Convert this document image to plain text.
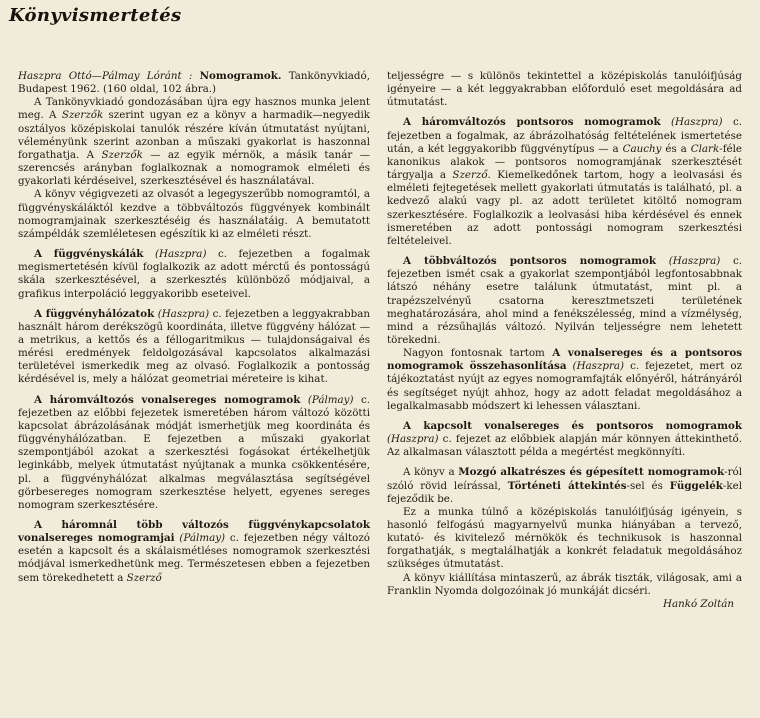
Könyvismertetés

Haszpra Ottó—Pálmay Lóránt : Nomogramok. Tankönyvkiadó, Budapest 1962. (160 oldal, 102 ábra.)

A Tankönyvkiadó gondozásában újra egy hasznos munka jelent meg. A Szerzők szerint ugyan ez a könyv a harmadik—negyedik osztályos középiskolai tanulók részére kíván útmutatást nyújtani, véleményünk szerint azonban a műszaki gyakorlat is haszonnal forgathatja. A Szerzők — az egyik mérnök, a másik tanár — szerencsés arányban foglalkoznak a nomogramok elméleti és gyakorlati kérdéseivel, szerkesztésével és használatával.

A könyv végigvezeti az olvasót a legegyszerűbb nomogramtól, a függvényskáláktól kezdve a többváltozós függvények kombinált nomogramjainak szerkesztéséig és használatáig. A bemutatott számpéldák szemléletesen egészítik ki az elméleti részt.

A függvényskálák (Haszpra) c. fejezetben a fogalmak megismertetésén kívül foglalkozik az adott mérctű és pontosságú skála szerkesztésével, a szerkesztés különböző módjaival, a grafikus interpoláció leggyakoribb eseteivel.

A függvényhálózatok (Haszpra) c. fejezetben a leggyakrabban használt három derékszögű koordináta, illetve függvény hálózat — a metrikus, a kettős és a féllogaritmikus — tulajdonságaival és mérési eredmények feldolgozásával kapcsolatos alkalmazási területével ismerkedik meg az olvasó. Foglalkozik a pontosság kérdésével is, mely a hálózat geometriai méreteire is kihat.

A háromváltozós vonalsereges nomogramok (Pálmay) c. fejezetben az előbbi fejezetek ismeretében három változó közötti kapcsolat ábrázolásának módját ismerhetjük meg koordináta és függvényhálózatban. E fejezetben a műszaki gyakorlat szempontjából azokat a szerkesztési fogásokat értékelhetjük leginkább, melyek útmutatást nyújtanak a munka csökkentésére, pl. a függvényhálózat alkalmas megválasztása segítségével görbesereges nomogram szerkesztése helyett, egyenes sereges nomogram szerkesztésére.

A háromnál több változós függvénykapcsolatok vonalsereges nomogramjai (Pálmay) c. fejezetben négy változó esetén a kapcsolt és a skálaismétléses nomogramok szerkesztési módjával ismerkedhetünk meg. Természetesen ebben a fejezetben sem törekedhetett a Szerző

teljességre — s különös tekintettel a középiskolás tanulóifjúság igényeire — a két leggyakrabban előforduló eset megoldására ad útmutatást.

A háromváltozós pontsoros nomogramok (Haszpra) c. fejezetben a fogalmak, az ábrázolhatóság feltételének ismertetése után, a két leggyakoribb függvénytípus — a Cauchy és a Clark-féle kanonikus alakok — pontsoros nomogramjának szerkesztését tárgyalja a Szerző. Kiemelkedőnek tartom, hogy a leolvasási és elméleti fejtegetések mellett gyakorlati útmutatás is található, pl. a kedvező alakú vagy pl. az adott területet kitöltő nomogram szerkesztésére. Foglalkozik a leolvasási hiba kérdésével és ennek ismeretében az adott pontossági nomogram szerkesztési feltételeivel.

A többváltozós pontsoros nomogramok (Haszpra) c. fejezetben ismét csak a gyakorlat szempontjából legfontosabbnak látszó néhány esetre találunk útmutatást, mint pl. a trapézszelvényű csatorna keresztmetszeti területének meghatározására, ahol mind a fenékszélesség, mind a vízmélység, mind a rézsűhajlás változó. Nyilván teljességre nem lehetett törekedni.

Nagyon fontosnak tartom A vonalsereges és a pontsoros nomogramok összehasonlítása (Haszpra) c. fejezetet, mert oz tájékoztatást nyújt az egyes nomogramfajták előnyéről, hátrányáról és segítséget nyújt ahhoz, hogy az adott feladat megoldásához a legalkalmasabb módszert ki lehessen választani.

A kapcsolt vonalsereges és pontsoros nomogramok (Haszpra) c. fejezet az előbbiek alapján már könnyen áttekinthető. Az alkalmasan választott példa a megértést megkönnyíti.

A könyv a Mozgó alkatrészes és gépesített nomogramok-ról szóló rövid leírással, Történeti áttekintés-sel és Függelék-kel fejeződik be.

Ez a munka túlnő a középiskolás tanulóifjúság igényein, s hasonló felfogású magyarnyelvű munka hiányában a tervező, kutató- és kivitelező mérnökök és technikusok is haszonnal forgathatják, s megtalálhatják a konkrét feladatuk megoldásához szükséges útmutatást.

A könyv kiállítása mintaszerű, az ábrák tiszták, világosak, ami a Franklin Nyomda dolgozóinak jó munkáját dicséri.

Hankó Zoltán
